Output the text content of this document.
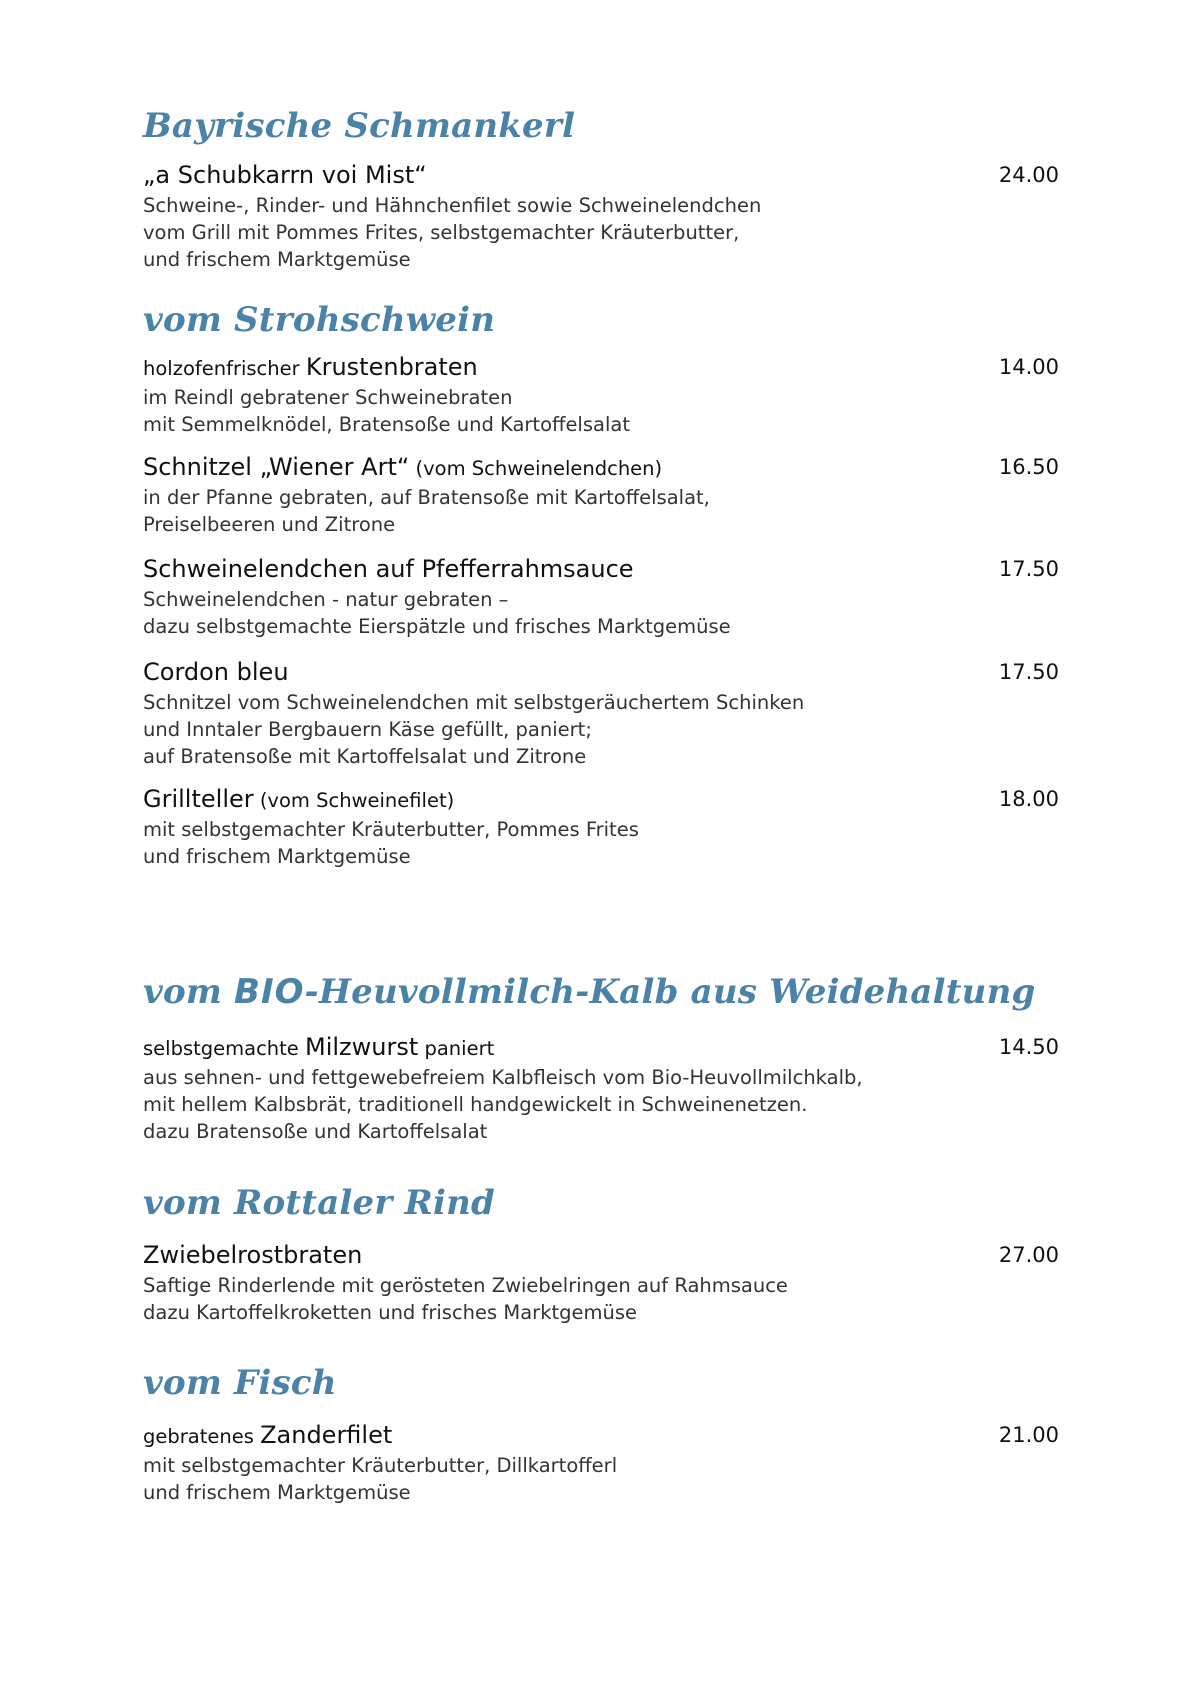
Bayrische Schmankerl
„a Schubkarrn voi Mist“	24.00
Schweine-, Rinder- und Hähnchenfilet sowie Schweinelendchen
vom Grill mit Pommes Frites, selbstgemachter Kräuterbutter,
und frischem Marktgemüse
vom Strohschwein
holzofenfrischer Krustenbraten	14.00
im Reindl gebratener Schweinebraten
mit Semmelknödel, Bratensoße und Kartoffelsalat
Schnitzel „Wiener Art“ (vom Schweinelendchen)	16.50
in der Pfanne gebraten, auf Bratensoße mit Kartoffelsalat,
Preiselbeeren und Zitrone
Schweinelendchen auf Pfefferrahmsauce	17.50
Schweinelendchen - natur gebraten –
dazu selbstgemachte Eierspätzle und frisches Marktgemüse
Cordon bleu	17.50
Schnitzel vom Schweinelendchen mit selbstgeräuchertem Schinken
und Inntaler Bergbauern Käse gefüllt, paniert;
auf Bratensoße mit Kartoffelsalat und Zitrone
Grillteller (vom Schweinefilet)	18.00
mit selbstgemachter Kräuterbutter, Pommes Frites
und frischem Marktgemüse
vom BIO-Heuvollmilch-Kalb aus Weidehaltung
selbstgemachte Milzwurst paniert	14.50
aus sehnen- und fettgewebefreiem Kalbfleisch vom Bio-Heuvollmilchkalb,
mit hellem Kalbsbrät, traditionell handgewickelt in Schweinenetzen.
dazu Bratensoße und Kartoffelsalat
vom Rottaler Rind
Zwiebelrostbraten	27.00
Saftige Rinderlende mit gerösteten Zwiebelringen auf Rahmsauce
dazu Kartoffelkroketten und frisches Marktgemüse
vom Fisch
gebratenes Zanderfilet	21.00
mit selbstgemachter Kräuterbutter, Dillkartofferl
und frischem Marktgemüse
